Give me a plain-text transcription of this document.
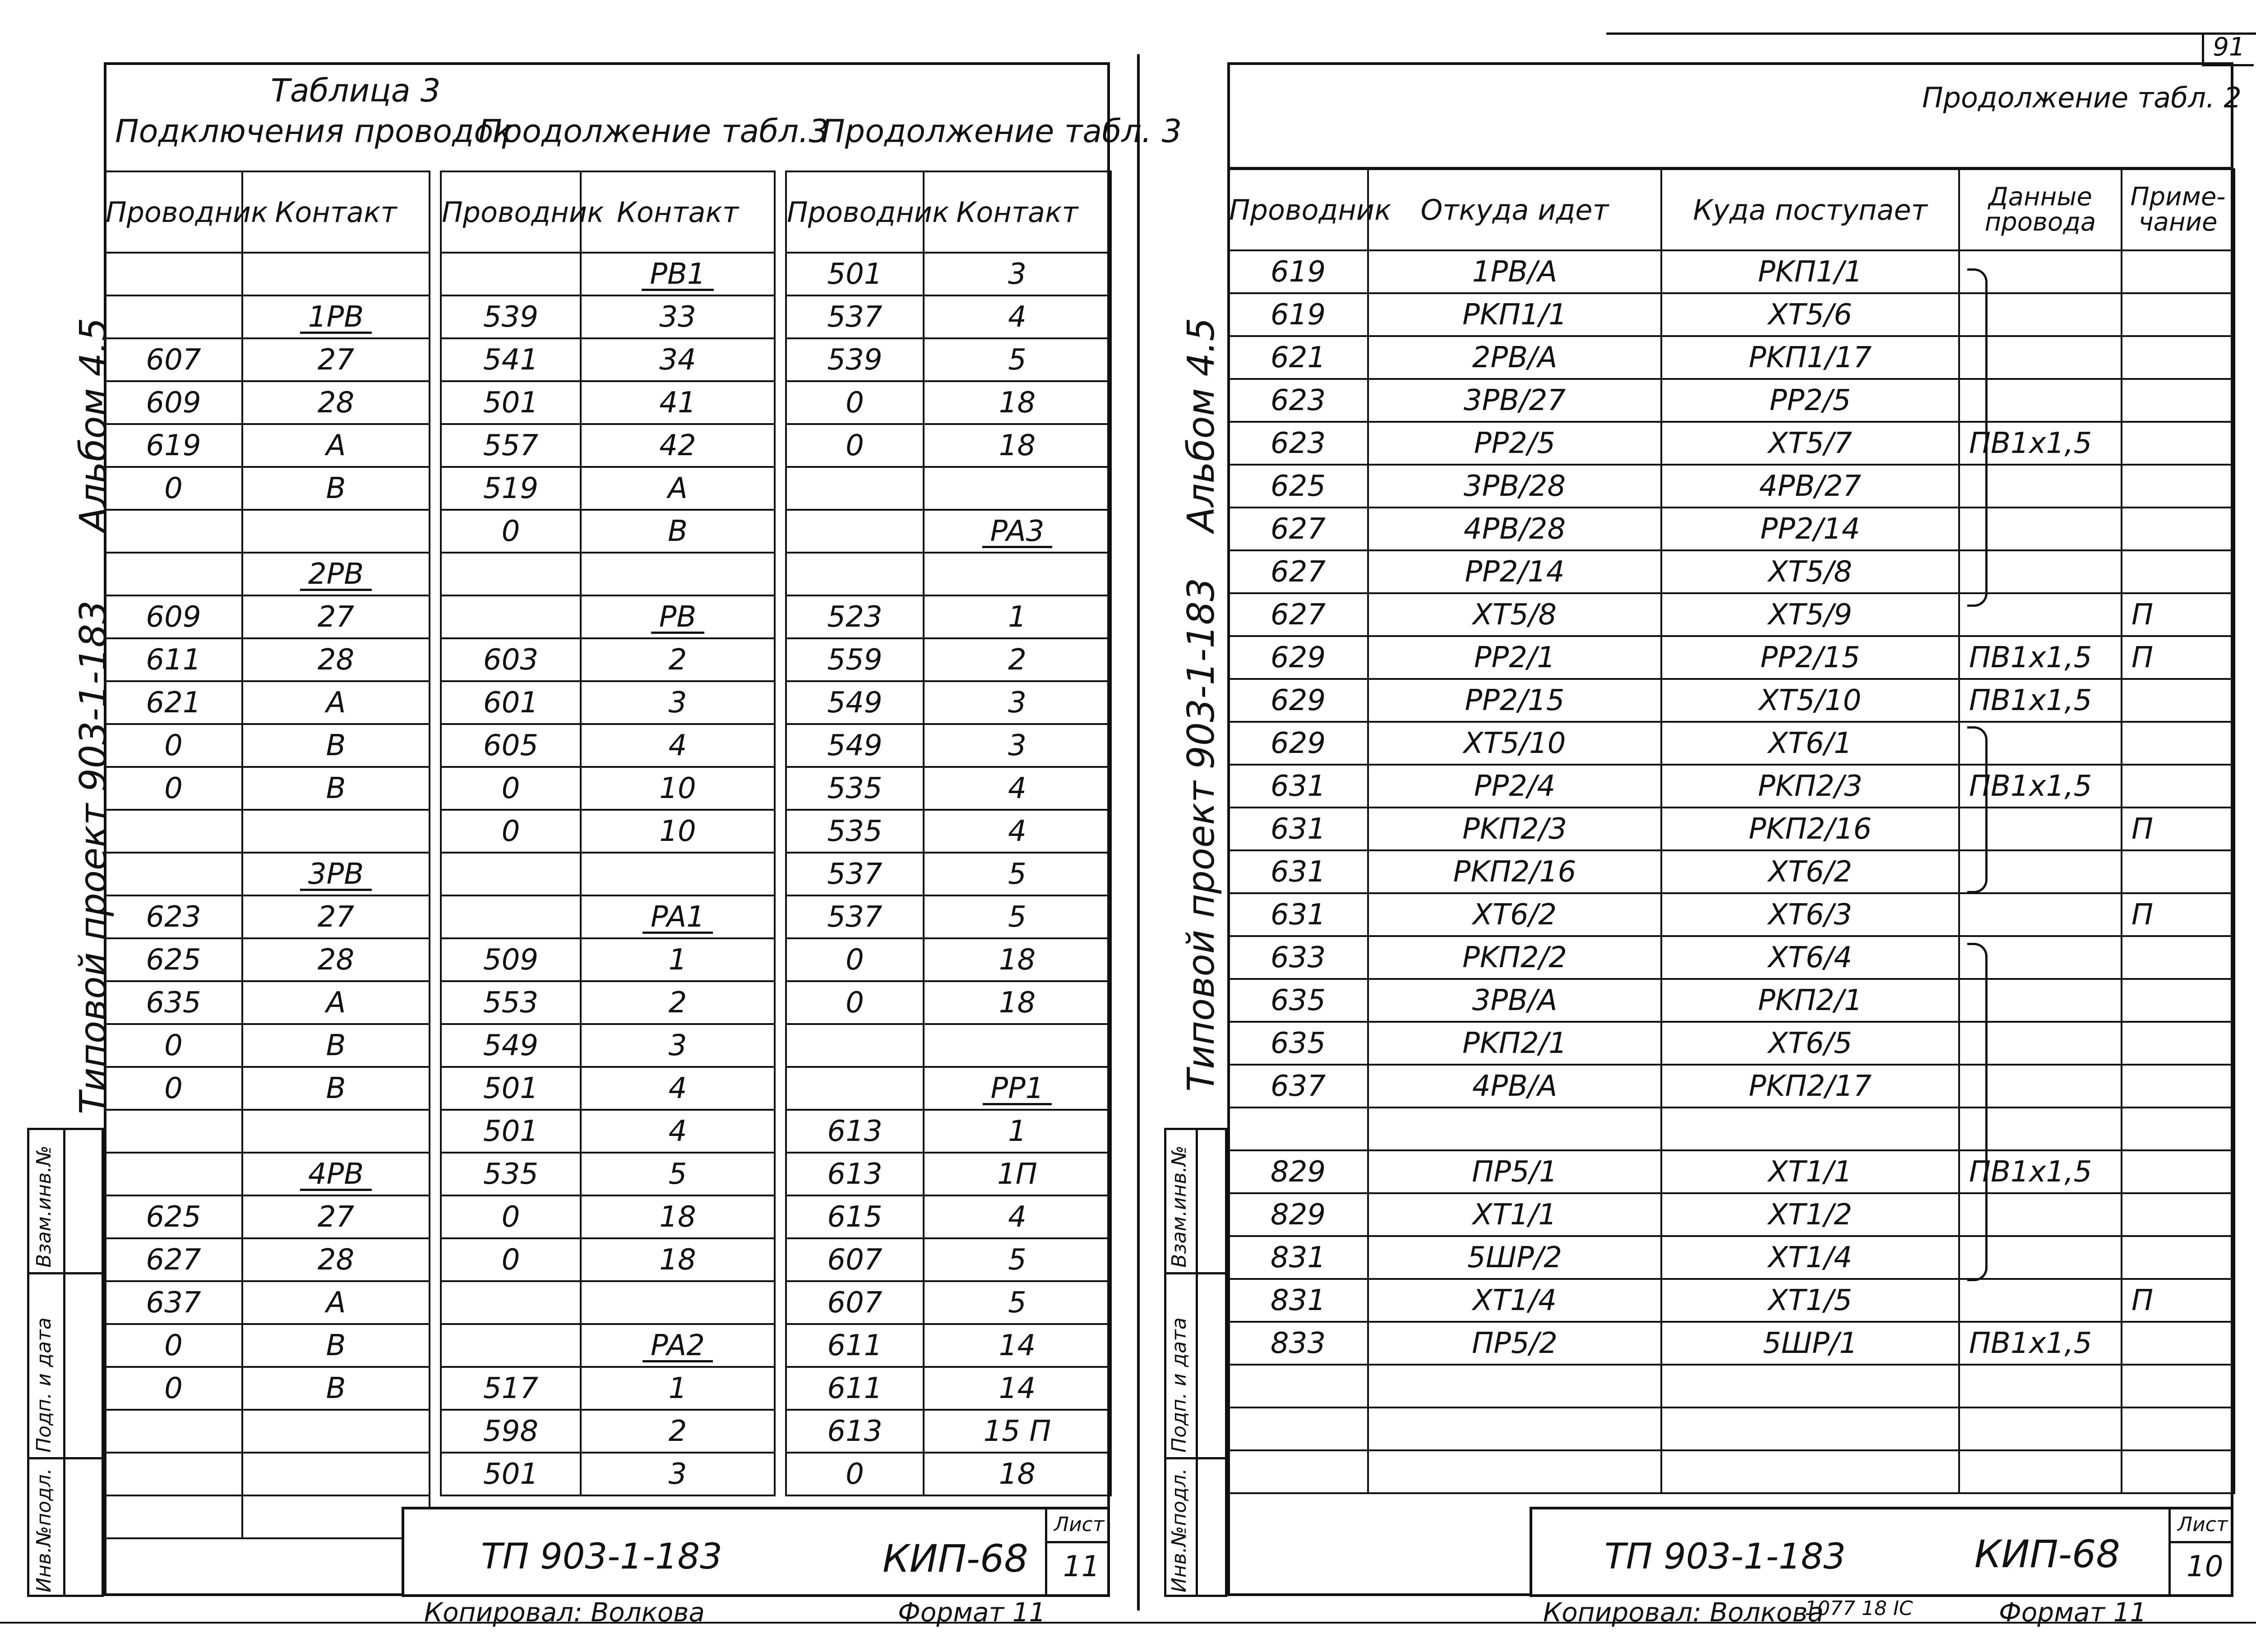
91
Альбом 4.5
Типовой проект 903-1-183
Взам.инв.№
Подп. и дата
Инв.№подл.
Таблица 3
Подключения проводок
Продолжение табл.3
Продолжение табл. 3
Проводник	Контакт

	1PB
607	27
609	28
619	A
0	B

	2PB
609	27
611	28
621	A
0	B
0	B

	3PB
623	27
625	28
635	A
0	B
0	B

	4PB
625	27
627	28
637	A
0	B
0	B

Проводник	Контакт
	PB1
539	33
541	34
501	41
557	42
519	A
0	B

	PB
603	2
601	3
605	4
0	10
0	10

	PA1
509	1
553	2
549	3
501	4
501	4
535	5
0	18
0	18

	PA2
517	1
598	2
501	3
Проводник	Контакт
501	3
537	4
539	5
0	18
0	18

	PA3

523	1
559	2
549	3
549	3
535	4
535	4
537	5
537	5
0	18
0	18

	PP1
613	1
613	1П
615	4
607	5
607	5
611	14
611	14
613	15 П
0	18
ТП 903-1-183	КИП-68
Лист
11
Копировал: Волкова	Формат 11
Продолжение табл. 2
Альбом 4.5
Типовой проект 903-1-183
Взам.инв.№
Подп. и дата
Инв.№подл.
Проводник	Откуда идет	Куда поступает	Данные провода	Приме-чание
619	1PB/A	PKП1/1		
619	PKП1/1	XT5/6		
621	2PB/A	PKП1/17		
623	3PB/27	PP2/5		
623	PP2/5	XT5/7	ПВ1x1,5	
625	3PB/28	4PB/27		
627	4PB/28	PP2/14		
627	PP2/14	XT5/8		
627	XT5/8	XT5/9		П
629	PP2/1	PP2/15	ПВ1x1,5	П
629	PP2/15	XT5/10	ПВ1x1,5	
629	XT5/10	XT6/1		
631	PP2/4	PKП2/3	ПВ1x1,5	
631	PKП2/3	PKП2/16		П
631	PKП2/16	XT6/2		
631	XT6/2	XT6/3		П
633	PKП2/2	XT6/4		
635	3PB/A	PKП2/1		
635	PKП2/1	XT6/5		
637	4PB/A	PKП2/17		

829	ПP5/1	XT1/1	ПВ1x1,5	
829	XT1/1	XT1/2		
831	5ШP/2	XT1/4		
831	XT1/4	XT1/5		П
833	ПP5/2	5ШP/1	ПВ1x1,5	

ТП 903-1-183	КИП-68
Лист
10
Копировал: Волкова
1077 18 IC	Формат 11
